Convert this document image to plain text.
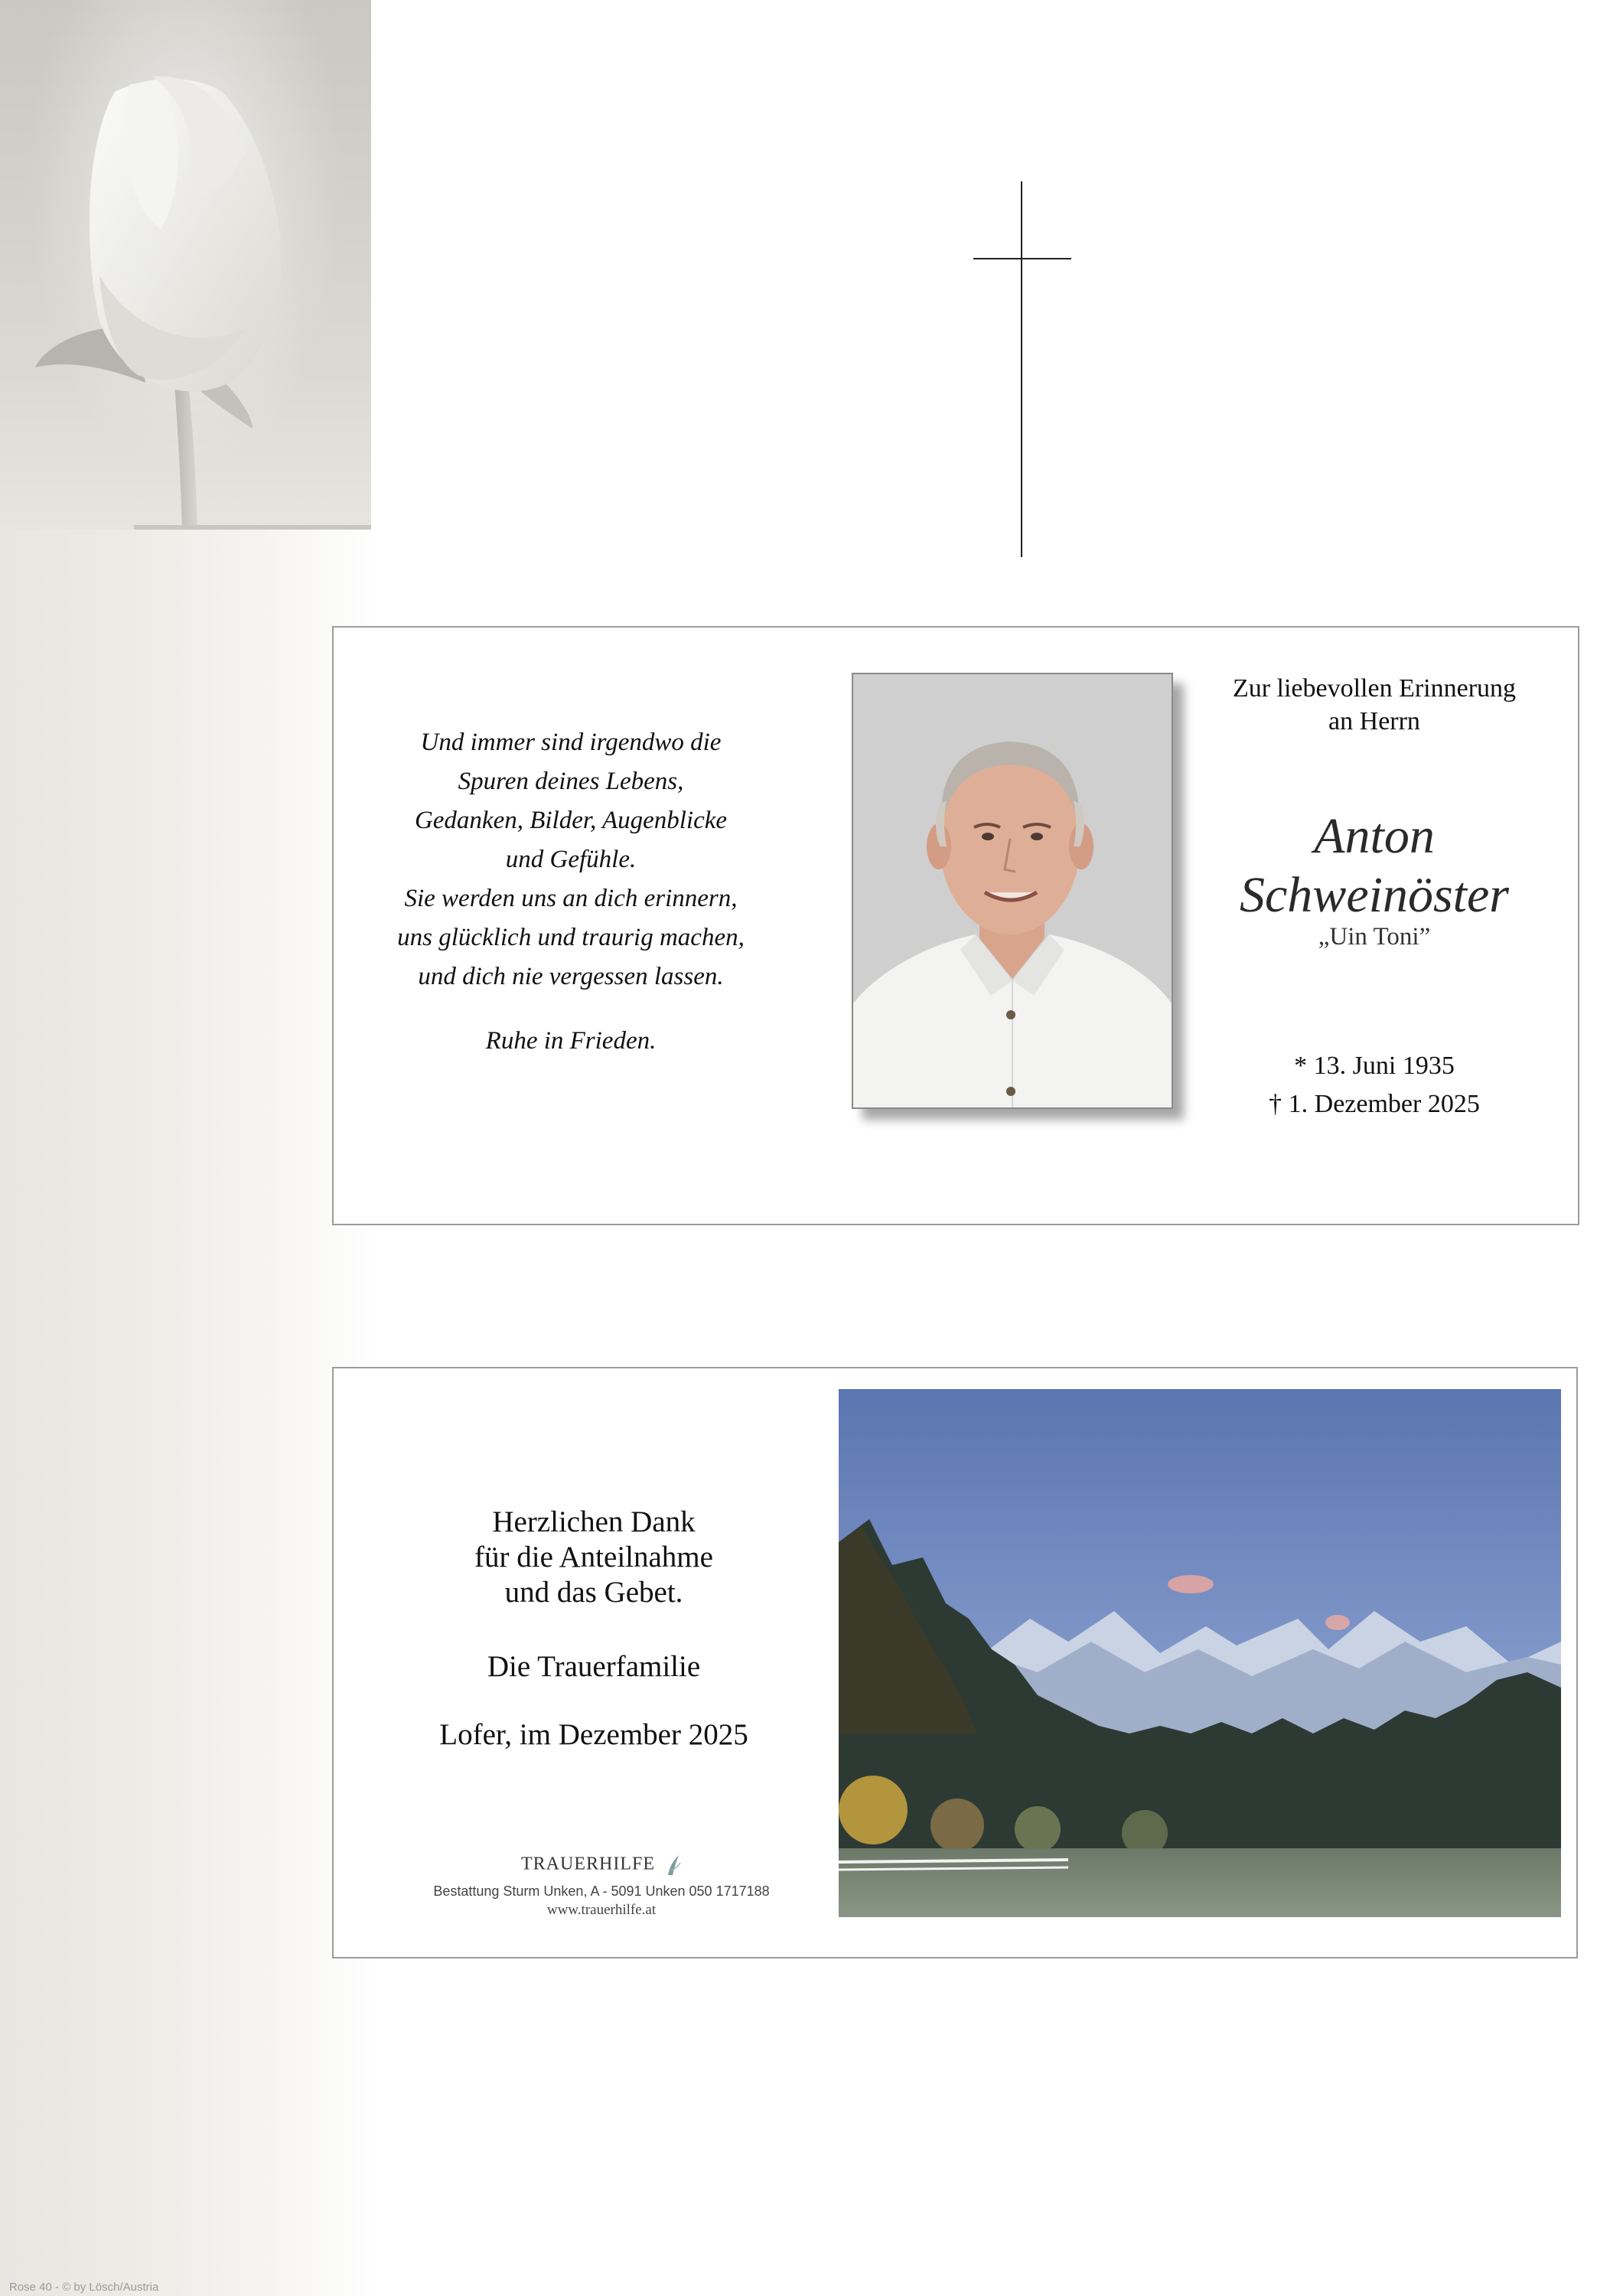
Rose 40 - © by Lösch/Austria
Und immer sind irgendwo die
Spuren deines Lebens,
Gedanken, Bilder, Augenblicke
und Gefühle.
Sie werden uns an dich erinnern,
uns glücklich und traurig machen,
und dich nie vergessen lassen.
Ruhe in Frieden.
Zur liebevollen Erinnerung
an Herrn
Anton
Schweinöster
„Uin Toni”
* 13. Juni 1935
† 1. Dezember 2025
Herzlichen Dank
für die Anteilnahme
und das Gebet.
Die Trauerfamilie
Lofer, im Dezember 2025
TRAUERHILFE
Bestattung Sturm Unken, A - 5091 Unken 050 1717188
www.trauerhilfe.at
